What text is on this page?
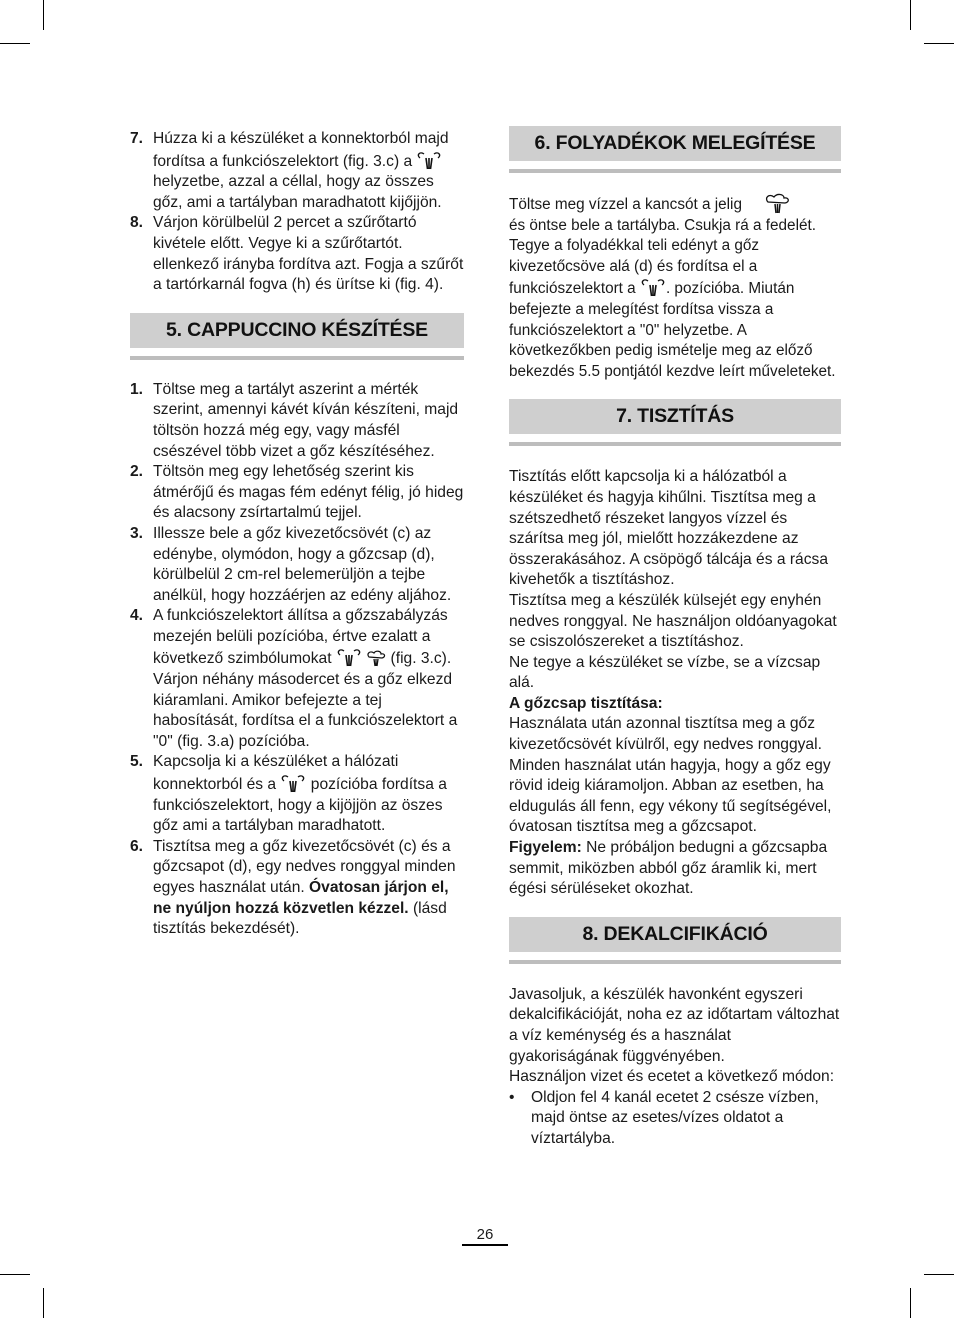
7. Húzza ki a készüléket a konnektorból majd fordítsa a funkciószelektort (fig. 3.c) a  helyzetbe, azzal a céllal, hogy az összes gőz, ami a tartályban maradhatott kijőjjön.
8. Várjon körülbelül 2 percet a szűrőtartó kivétele előtt. Vegye ki a szűrőtartót. ellenkező irányba fordítva azt. Fogja a szűrőt a tartórkarnál fogva (h) és ürítse ki (fig. 4).
5. CAPPUCCINO KÉSZÍTÉSE
1. Töltse meg a tartályt aszerint a mérték szerint, amennyi kávét kíván készíteni, majd töltsön hozzá még egy, vagy másfél csészével több vizet a gőz készítéséhez.
2. Töltsön meg egy lehetőség szerint kis átmérőjű és magas fém edényt félig, jó hideg és alacsony zsírtartalmú tejjel.
3. Illessze bele a gőz kivezetőcsövét (c) az edénybe, olymódon, hogy a gőzcsap (d), körülbelül 2 cm-rel belemerüljön a tejbe anélkül, hogy hozzáérjen az edény aljához.
4. A funkciószelektort állítsa a gőzszabályzás mezején belüli pozícióba, értve ezalatt a következő szimbólumokat	(fig. 3.c). Várjon néhány másodercet és a gőz elkezd kiáramlani. Amikor befejezte a tej habosítását, fordítsa el a funkciószelektort a "0" (fig. 3.a) pozícióba.
5. Kapcsolja ki a készüléket a hálózati konnektorból és a  pozícióba fordítsa a funkciószelektort, hogy a kijöjjön az öszes gőz ami a tartályban maradhatott.
6. Tisztítsa meg a gőz kivezetőcsövét (c) és a gőzcsapot (d), egy nedves ronggyal minden egyes használat után. Óvatosan járjon el, ne nyúljon hozzá közvetlen kézzel. (lásd tisztítás bekezdését).
6. FOLYADÉKOK MELEGÍTÉSE
Töltse meg vízzel a kancsót a jelig
és öntse bele a tartályba. Csukja rá a fedelét. Tegye a folyadékkal teli edényt a gőz kivezetőcsöve alá (d) és fordítsa el a funkciószelektort a . pozícióba. Miután befejezte a melegítést fordítsa vissza a funkciószelektort a "0" helyzetbe. A következőkben pedig ismételje meg az előző bekezdés 5.5 pontjától kezdve leírt műveleteket.
7. TISZTÍTÁS
Tisztítás előtt kapcsolja ki a hálózatból a készüléket és hagyja kihűlni. Tisztítsa meg a szétszedhető részeket langyos vízzel és szárítsa meg jól, mielőtt hozzákezdene az összerakásához. A csöpögő tálcája és a rácsa kivehetők a tisztításhoz.
Tisztítsa meg a készülék külsejét egy enyhén nedves ronggyal. Ne használjon oldóanyagokat se csiszolószereket a tisztításhoz.
Ne tegye a készüléket se vízbe, se a vízcsap alá.
A gőzcsap tisztítása:
Használata után azonnal tisztítsa meg a gőz kivezetőcsövét kívülről, egy nedves ronggyal. Minden használat után hagyja, hogy a gőz egy rövid ideig kiáramoljon. Abban az esetben, ha eldugulás áll fenn, egy vékony tű segítségével, óvatosan tisztítsa meg a gőzcsapot.
Figyelem: Ne próbáljon bedugni a gőzcsapba semmit, miközben abból gőz áramlik ki, mert égési sérüléseket okozhat.
8. DEKALCIFIKÁCIÓ
Javasoljuk, a készülék havonként egyszeri dekalcifikációját, noha ez az időtartam változhat a víz keménység és a használat gyakoriságának függvényében.
Használjon vizet és ecetet a következő módon:
•	Oldjon fel 4 kanál ecetet 2 csésze vízben, majd öntse az esetes/vízes oldatot a víztartályba.
26
